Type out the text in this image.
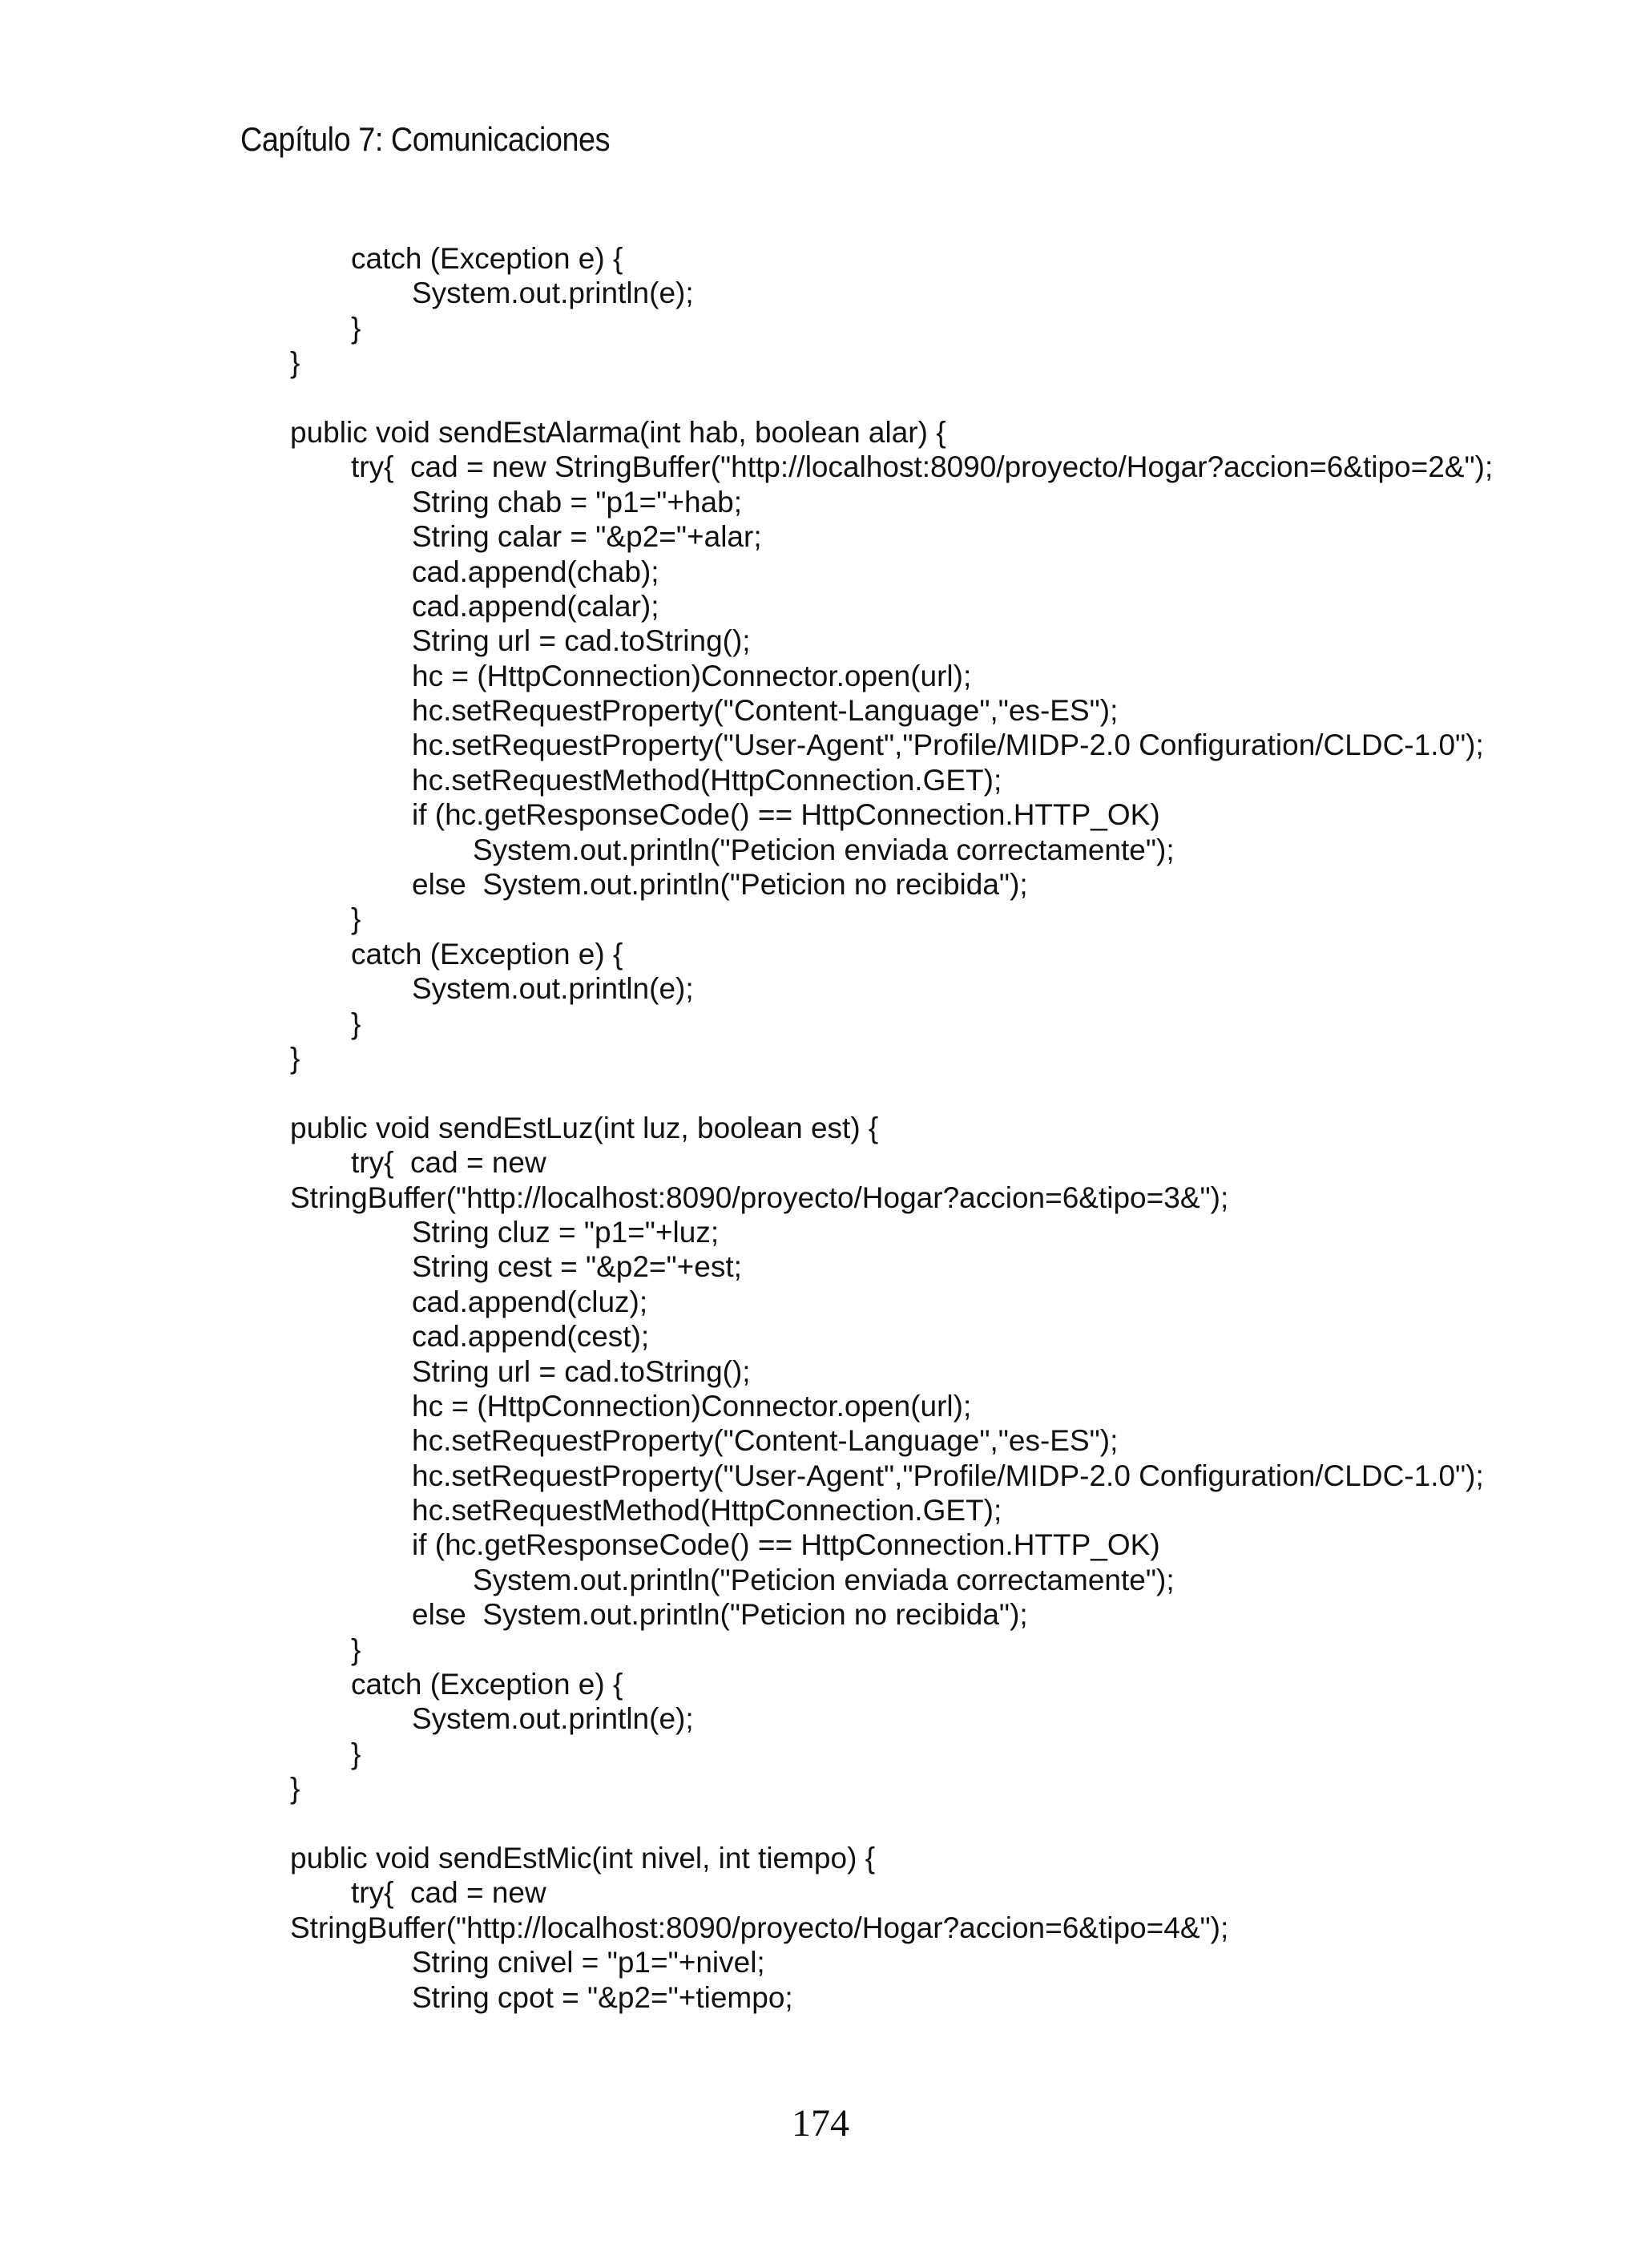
Capítulo 7: Comunicaciones
catch (Exception e) {
System.out.println(e);
}
}
public void sendEstAlarma(int hab, boolean alar) {
try{  cad = new StringBuffer("http://localhost:8090/proyecto/Hogar?accion=6&tipo=2&");
String chab = "p1="+hab;
String calar = "&p2="+alar;
cad.append(chab);
cad.append(calar);
String url = cad.toString();
hc = (HttpConnection)Connector.open(url);
hc.setRequestProperty("Content-Language","es-ES");
hc.setRequestProperty("User-Agent","Profile/MIDP-2.0 Configuration/CLDC-1.0");
hc.setRequestMethod(HttpConnection.GET);
if (hc.getResponseCode() == HttpConnection.HTTP_OK)
System.out.println("Peticion enviada correctamente");
else  System.out.println("Peticion no recibida");
}
catch (Exception e) {
System.out.println(e);
}
}
public void sendEstLuz(int luz, boolean est) {
try{  cad = new
StringBuffer("http://localhost:8090/proyecto/Hogar?accion=6&tipo=3&");
String cluz = "p1="+luz;
String cest = "&p2="+est;
cad.append(cluz);
cad.append(cest);
String url = cad.toString();
hc = (HttpConnection)Connector.open(url);
hc.setRequestProperty("Content-Language","es-ES");
hc.setRequestProperty("User-Agent","Profile/MIDP-2.0 Configuration/CLDC-1.0");
hc.setRequestMethod(HttpConnection.GET);
if (hc.getResponseCode() == HttpConnection.HTTP_OK)
System.out.println("Peticion enviada correctamente");
else  System.out.println("Peticion no recibida");
}
catch (Exception e) {
System.out.println(e);
}
}
public void sendEstMic(int nivel, int tiempo) {
try{  cad = new
StringBuffer("http://localhost:8090/proyecto/Hogar?accion=6&tipo=4&");
String cnivel = "p1="+nivel;
String cpot = "&p2="+tiempo;
174
